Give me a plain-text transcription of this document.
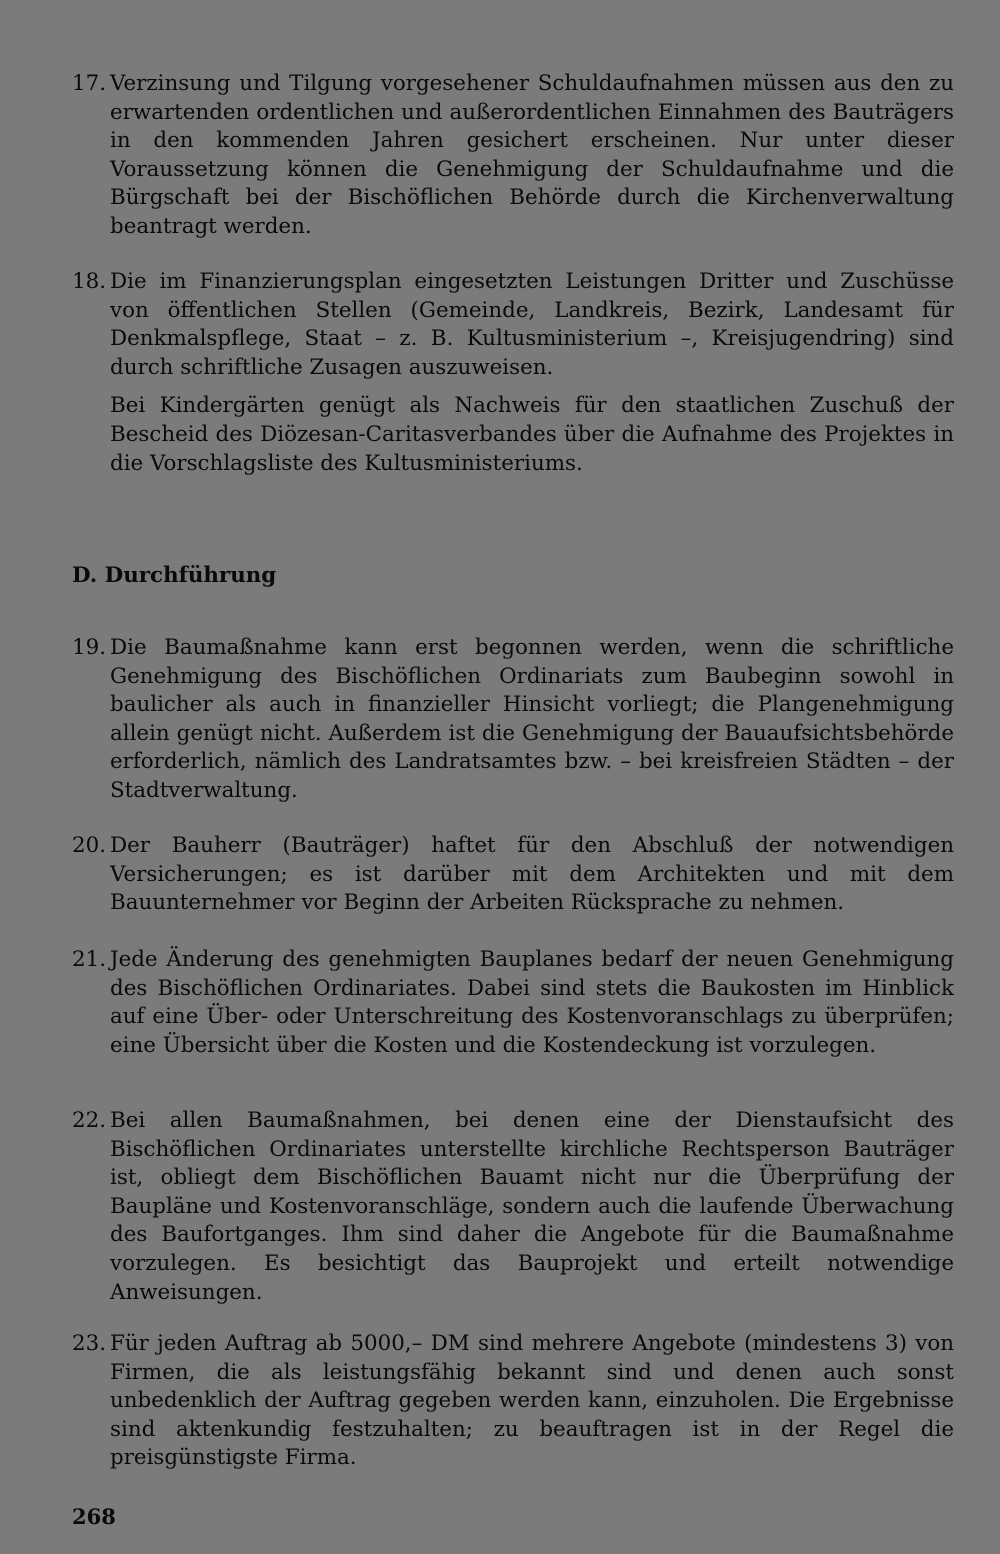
17. Verzinsung und Tilgung vorgesehener Schuldaufnahmen müssen aus den zu erwartenden ordentlichen und außerordentlichen Einnahmen des Bauträgers in den kommenden Jahren gesichert erscheinen. Nur unter dieser Voraussetzung können die Genehmigung der Schuldaufnahme und die Bürgschaft bei der Bischöflichen Behörde durch die Kirchenverwaltung beantragt werden.

18. Die im Finanzierungsplan eingesetzten Leistungen Dritter und Zuschüsse von öffentlichen Stellen (Gemeinde, Landkreis, Bezirk, Landesamt für Denkmalspflege, Staat – z. B. Kultusministerium –, Kreisjugendring) sind durch schriftliche Zusagen auszuweisen.

Bei Kindergärten genügt als Nachweis für den staatlichen Zuschuß der Bescheid des Diözesan-Caritasverbandes über die Aufnahme des Projektes in die Vorschlagsliste des Kultusministeriums.

D. Durchführung
19. Die Baumaßnahme kann erst begonnen werden, wenn die schriftliche Genehmigung des Bischöflichen Ordinariats zum Baubeginn sowohl in baulicher als auch in finanzieller Hinsicht vorliegt; die Plangenehmigung allein genügt nicht. Außerdem ist die Genehmigung der Bauaufsichtsbehörde erforderlich, nämlich des Landratsamtes bzw. – bei kreisfreien Städten – der Stadtverwaltung.

20. Der Bauherr (Bauträger) haftet für den Abschluß der notwendigen Versicherungen; es ist darüber mit dem Architekten und mit dem Bauunternehmer vor Beginn der Arbeiten Rücksprache zu nehmen.

21. Jede Änderung des genehmigten Bauplanes bedarf der neuen Genehmigung des Bischöflichen Ordinariates. Dabei sind stets die Baukosten im Hinblick auf eine Über- oder Unterschreitung des Kostenvoranschlags zu überprüfen; eine Übersicht über die Kosten und die Kostendeckung ist vorzulegen.

22. Bei allen Baumaßnahmen, bei denen eine der Dienstaufsicht des Bischöflichen Ordinariates unterstellte kirchliche Rechtsperson Bauträger ist, obliegt dem Bischöflichen Bauamt nicht nur die Überprüfung der Baupläne und Kostenvoranschläge, sondern auch die laufende Überwachung des Baufortganges. Ihm sind daher die Angebote für die Baumaßnahme vorzulegen. Es besichtigt das Bauprojekt und erteilt notwendige Anweisungen.

23. Für jeden Auftrag ab 5000,– DM sind mehrere Angebote (mindestens 3) von Firmen, die als leistungsfähig bekannt sind und denen auch sonst unbedenklich der Auftrag gegeben werden kann, einzuholen. Die Ergebnisse sind aktenkundig festzuhalten; zu beauftragen ist in der Regel die preisgünstigste Firma.

268
